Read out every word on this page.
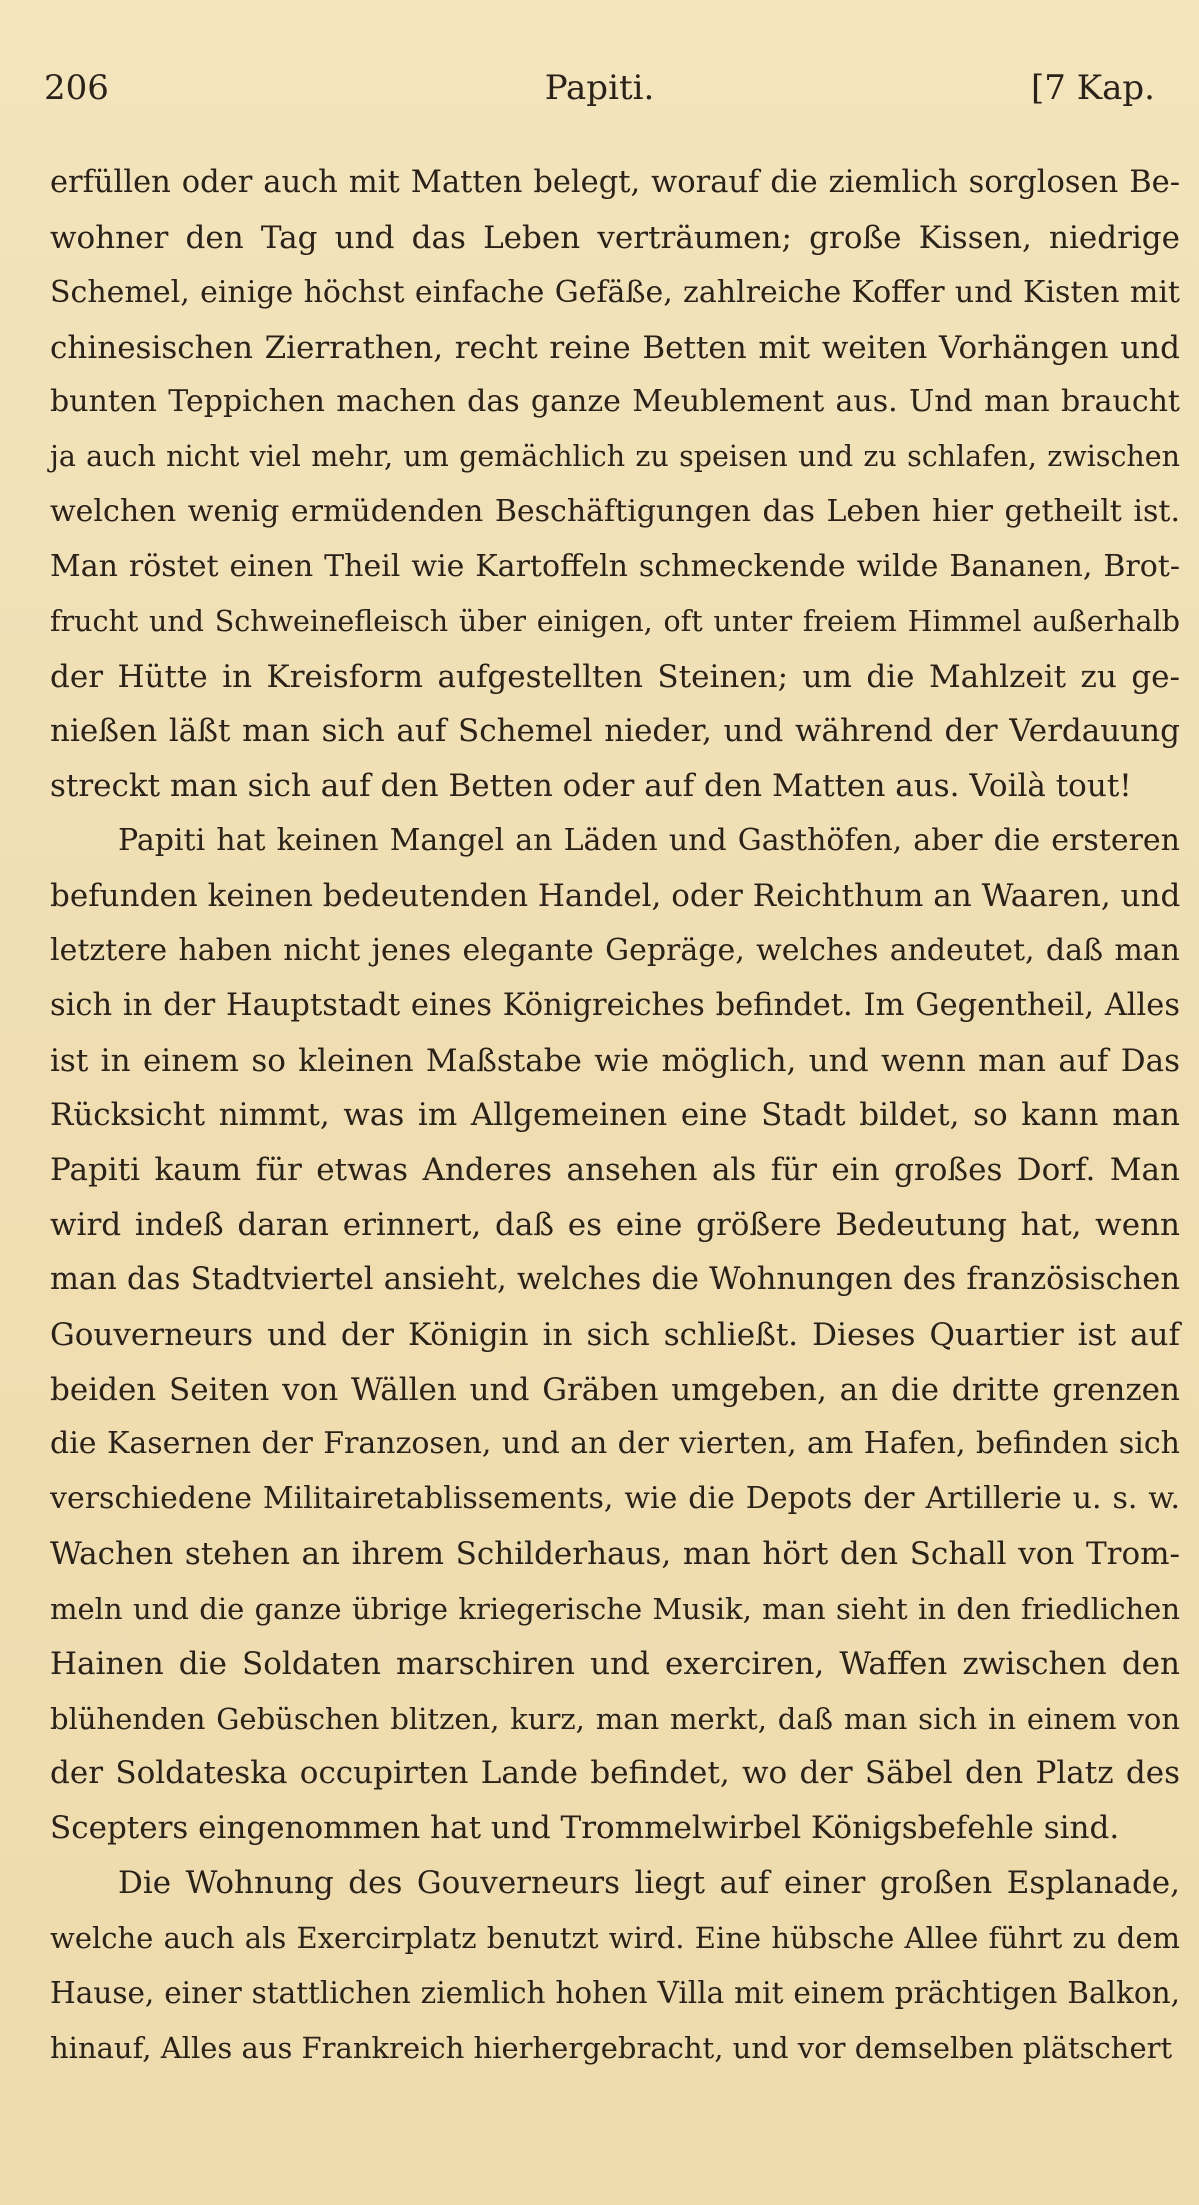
206	Papiti.	[7 Kap.
erfüllen oder auch mit Matten belegt, worauf die ziemlich sorglosen Be-
wohner den Tag und das Leben verträumen; große Kissen, niedrige
Schemel, einige höchst einfache Gefäße, zahlreiche Koffer und Kisten mit
chinesischen Zierrathen, recht reine Betten mit weiten Vorhängen und
bunten Teppichen machen das ganze Meublement aus. Und man braucht
ja auch nicht viel mehr, um gemächlich zu speisen und zu schlafen, zwischen
welchen wenig ermüdenden Beschäftigungen das Leben hier getheilt ist.
Man röstet einen Theil wie Kartoffeln schmeckende wilde Bananen, Brot-
frucht und Schweinefleisch über einigen, oft unter freiem Himmel außerhalb
der Hütte in Kreisform aufgestellten Steinen; um die Mahlzeit zu ge-
nießen läßt man sich auf Schemel nieder, und während der Verdauung
streckt man sich auf den Betten oder auf den Matten aus. Voilà tout!
Papiti hat keinen Mangel an Läden und Gasthöfen, aber die ersteren
befunden keinen bedeutenden Handel, oder Reichthum an Waaren, und
letztere haben nicht jenes elegante Gepräge, welches andeutet, daß man
sich in der Hauptstadt eines Königreiches befindet. Im Gegentheil, Alles
ist in einem so kleinen Maßstabe wie möglich, und wenn man auf Das
Rücksicht nimmt, was im Allgemeinen eine Stadt bildet, so kann man
Papiti kaum für etwas Anderes ansehen als für ein großes Dorf. Man
wird indeß daran erinnert, daß es eine größere Bedeutung hat, wenn
man das Stadtviertel ansieht, welches die Wohnungen des französischen
Gouverneurs und der Königin in sich schließt. Dieses Quartier ist auf
beiden Seiten von Wällen und Gräben umgeben, an die dritte grenzen
die Kasernen der Franzosen, und an der vierten, am Hafen, befinden sich
verschiedene Militairetablissements, wie die Depots der Artillerie u. s. w.
Wachen stehen an ihrem Schilderhaus, man hört den Schall von Trom-
meln und die ganze übrige kriegerische Musik, man sieht in den friedlichen
Hainen die Soldaten marschiren und exerciren, Waffen zwischen den
blühenden Gebüschen blitzen, kurz, man merkt, daß man sich in einem von
der Soldateska occupirten Lande befindet, wo der Säbel den Platz des
Scepters eingenommen hat und Trommelwirbel Königsbefehle sind.
Die Wohnung des Gouverneurs liegt auf einer großen Esplanade,
welche auch als Exercirplatz benutzt wird. Eine hübsche Allee führt zu dem
Hause, einer stattlichen ziemlich hohen Villa mit einem prächtigen Balkon,
hinauf, Alles aus Frankreich hierhergebracht, und vor demselben plätschert
